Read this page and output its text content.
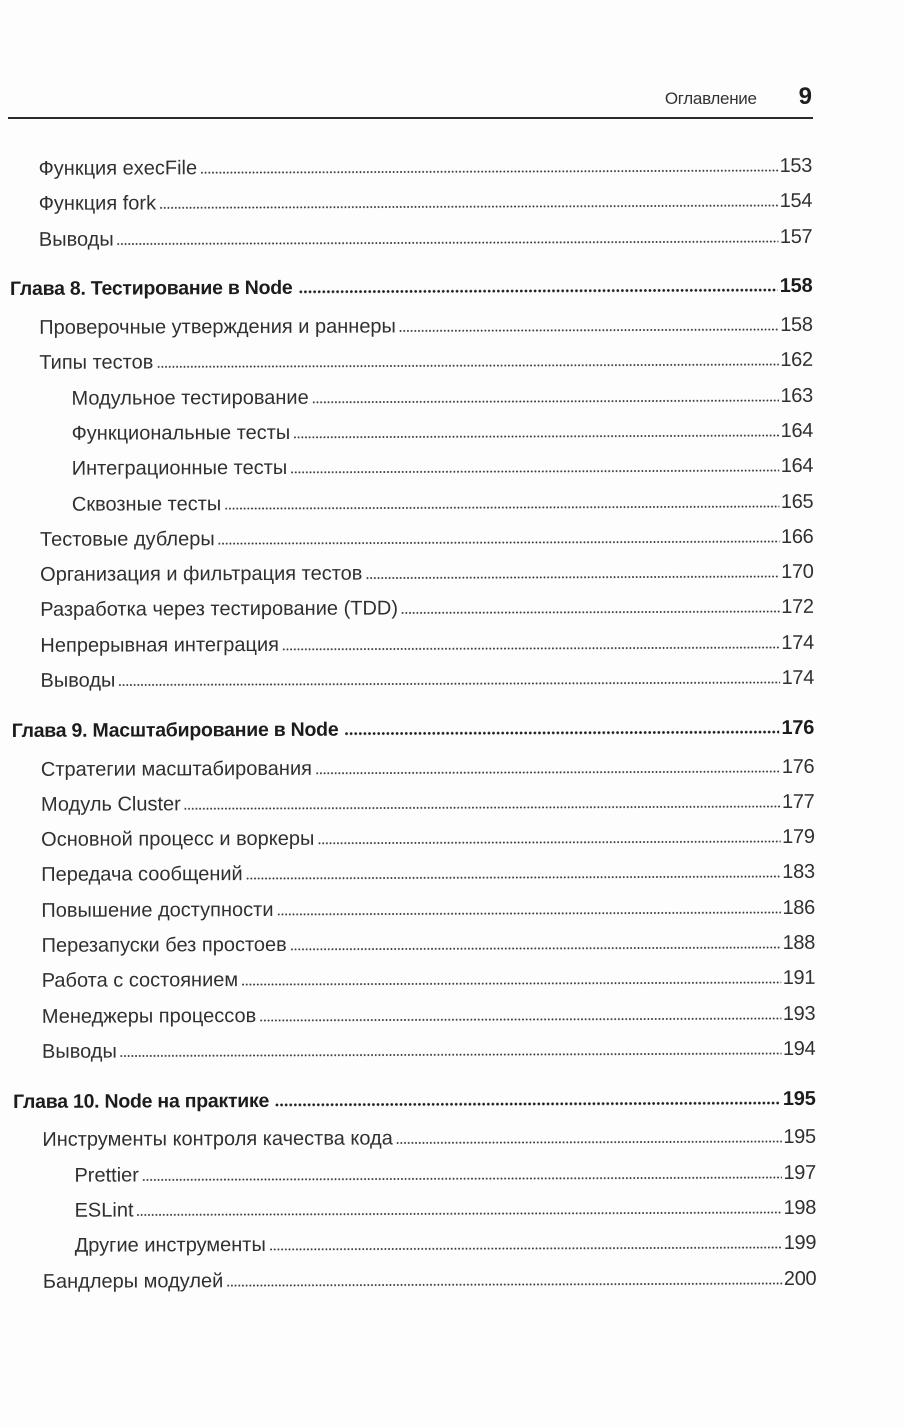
Оглавление 9
Функция execFile	153
Функция fork	154
Выводы	157
Глава 8. Тестирование в Node	158
Проверочные утверждения и раннеры	158
Типы тестов	162
Модульное тестирование	163
Функциональные тесты	164
Интеграционные тесты	164
Сквозные тесты	165
Тестовые дублеры	166
Организация и фильтрация тестов	170
Разработка через тестирование (TDD)	172
Непрерывная интеграция	174
Выводы	174
Глава 9. Масштабирование в Node	176
Стратегии масштабирования	176
Модуль Cluster	177
Основной процесс и воркеры	179
Передача сообщений	183
Повышение доступности	186
Перезапуски без простоев	188
Работа с состоянием	191
Менеджеры процессов	193
Выводы	194
Глава 10. Node на практике	195
Инструменты контроля качества кода	195
Prettier	197
ESLint	198
Другие инструменты	199
Бандлеры модулей	200
